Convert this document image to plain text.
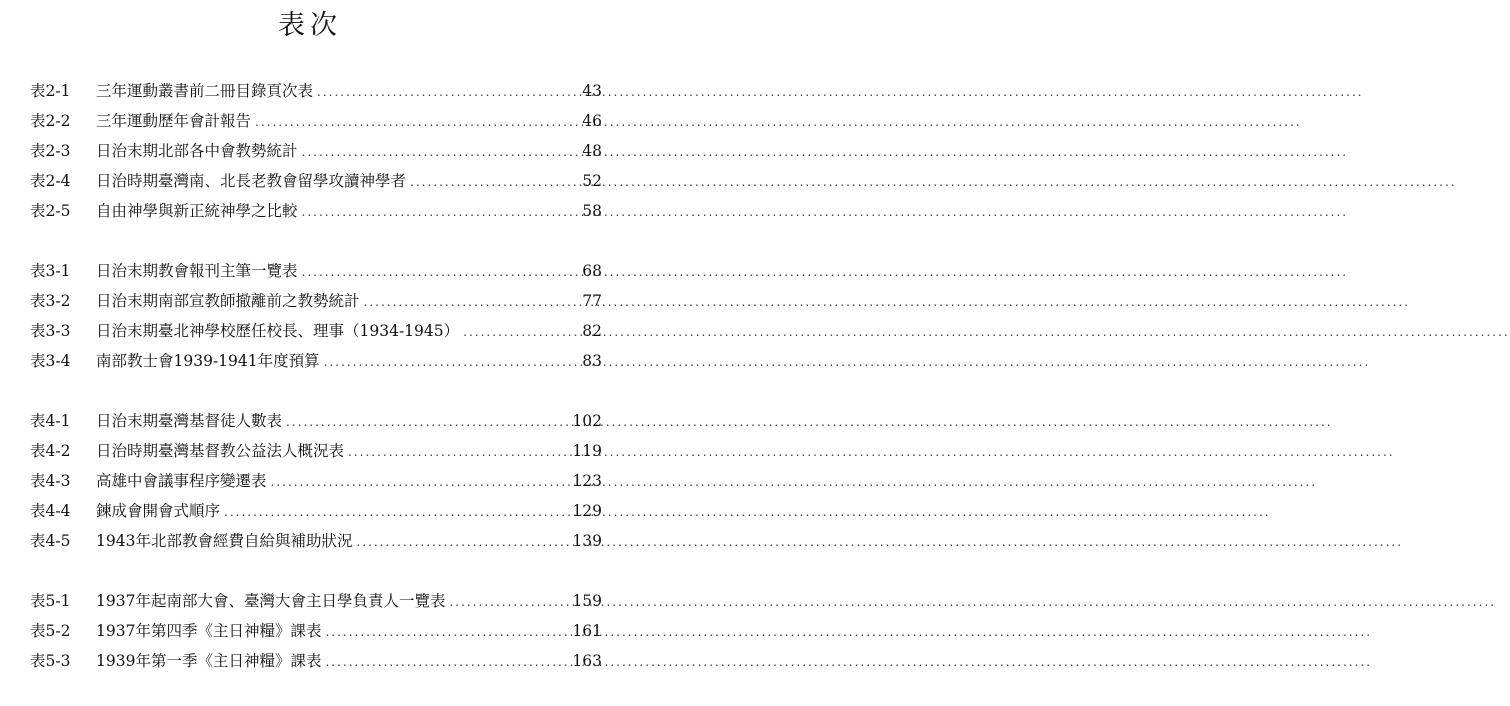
表次
表2-1	三年運動叢書前二冊目錄頁次表 .....	43
表2-2	三年運動歷年會計報告 .....	46
表2-3	日治末期北部各中會教勢統計 .....	48
表2-4	日治時期臺灣南、北長老教會留學攻讀神學者 .....	52
表2-5	自由神學與新正統神學之比較 .....	58
表3-1	日治末期教會報刊主筆一覽表 .....	68
表3-2	日治末期南部宣教師撤離前之教勢統計 .....	77
表3-3	日治末期臺北神學校歷任校長、理事（1934-1945） .....	82
表3-4	南部教士會1939-1941年度預算 .....	83
表4-1	日治末期臺灣基督徒人數表 .....	102
表4-2	日治時期臺灣基督教公益法人概況表 .....	119
表4-3	高雄中會議事程序變遷表 .....	123
表4-4	鍊成會開會式順序 .....	129
表4-5	1943年北部教會經費自給與補助狀況 .....	139
表5-1	1937年起南部大會、臺灣大會主日學負責人一覽表 .....	159
表5-2	1937年第四季《主日神糧》課表 .....	161
表5-3	1939年第一季《主日神糧》課表 .....	163
